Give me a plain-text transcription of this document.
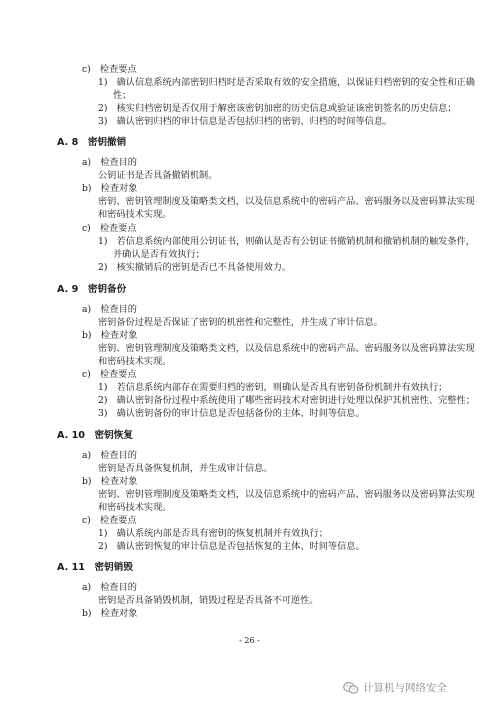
c)　检查要点
1)　确认信息系统内部密钥归档时是否采取有效的安全措施，以保证归档密钥的安全性和正确
性；
2)　核实归档密钥是否仅用于解密该密钥加密的历史信息或验证该密钥签名的历史信息；
3)　确认密钥归档的审计信息是否包括归档的密钥、归档的时间等信息。
A. 8　密钥撤销
a)　检查目的
公钥证书是否具备撤销机制。
b)　检查对象
密钥、密钥管理制度及策略类文档，以及信息系统中的密码产品、密码服务以及密码算法实现
和密码技术实现。
c)　检查要点
1)　若信息系统内部使用公钥证书，则确认是否有公钥证书撤销机制和撤销机制的触发条件，
并确认是否有效执行；
2)　核实撤销后的密钥是否已不具备使用效力。
A. 9　密钥备份
a)　检查目的
密钥备份过程是否保证了密钥的机密性和完整性，并生成了审计信息。
b)　检查对象
密钥、密钥管理制度及策略类文档，以及信息系统中的密码产品、密码服务以及密码算法实现
和密码技术实现。
c)　检查要点
1)　若信息系统内部存在需要归档的密钥，则确认是否具有密钥备份机制并有效执行；
2)　确认密钥备份过程中系统使用了哪些密码技术对密钥进行处理以保护其机密性、完整性；
3)　确认密钥备份的审计信息是否包括备份的主体、时间等信息。
A. 10　密钥恢复
a)　检查目的
密钥是否具备恢复机制，并生成审计信息。
b)　检查对象
密钥、密钥管理制度及策略类文档，以及信息系统中的密码产品、密码服务以及密码算法实现
和密码技术实现。
c)　检查要点
1)　确认系统内部是否具有密钥的恢复机制并有效执行；
2)　确认密钥恢复的审计信息是否包括恢复的主体、时间等信息。
A. 11　密钥销毁
a)　检查目的
密钥是否具备销毁机制，销毁过程是否具备不可逆性。
b)　检查对象
- 26 -
计算机与网络安全
